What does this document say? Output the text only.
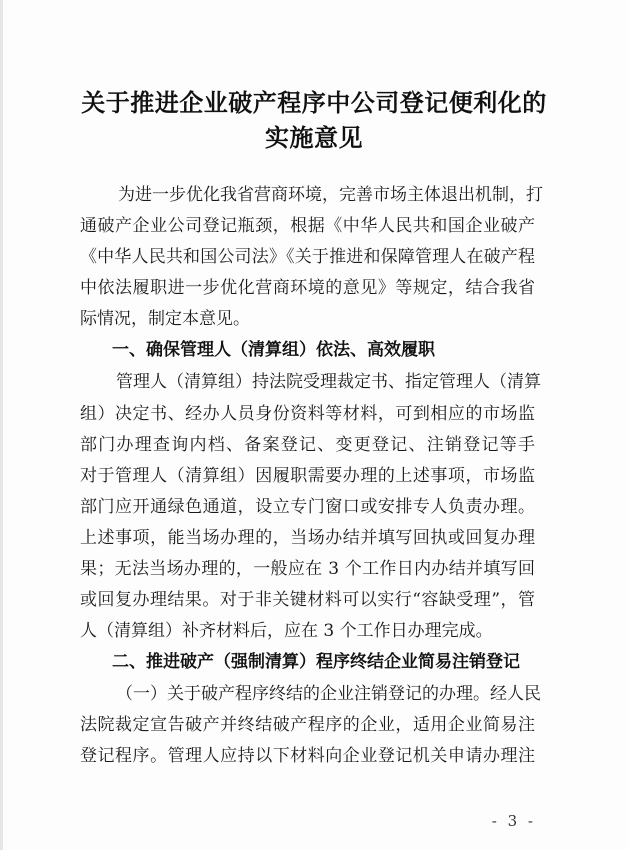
关于推进企业破产程序中公司登记便利化的
实施意见
为进一步优化我省营商环境，完善市场主体退出机制，打
通破产企业公司登记瓶颈，根据《中华人民共和国企业破产
《中华人民共和国公司法》《关于推进和保障管理人在破产程
中依法履职进一步优化营商环境的意见》等规定，结合我省
际情况，制定本意见。
一、确保管理人（清算组）依法、高效履职
管理人（清算组）持法院受理裁定书、指定管理人（清算
组）决定书、经办人员身份资料等材料，可到相应的市场监
部门办理查询内档、备案登记、变更登记、注销登记等手
对于管理人（清算组）因履职需要办理的上述事项，市场监
部门应开通绿色通道，设立专门窗口或安排专人负责办理。
上述事项，能当场办理的，当场办结并填写回执或回复办理
果；无法当场办理的，一般应在 3 个工作日内办结并填写回
或回复办理结果。对于非关键材料可以实行“容缺受理”，管
人（清算组）补齐材料后，应在 3 个工作日办理完成。
二、推进破产（强制清算）程序终结企业简易注销登记
（一）关于破产程序终结的企业注销登记的办理。经人民
法院裁定宣告破产并终结破产程序的企业，适用企业简易注
登记程序。管理人应持以下材料向企业登记机关申请办理注
- 3 -
